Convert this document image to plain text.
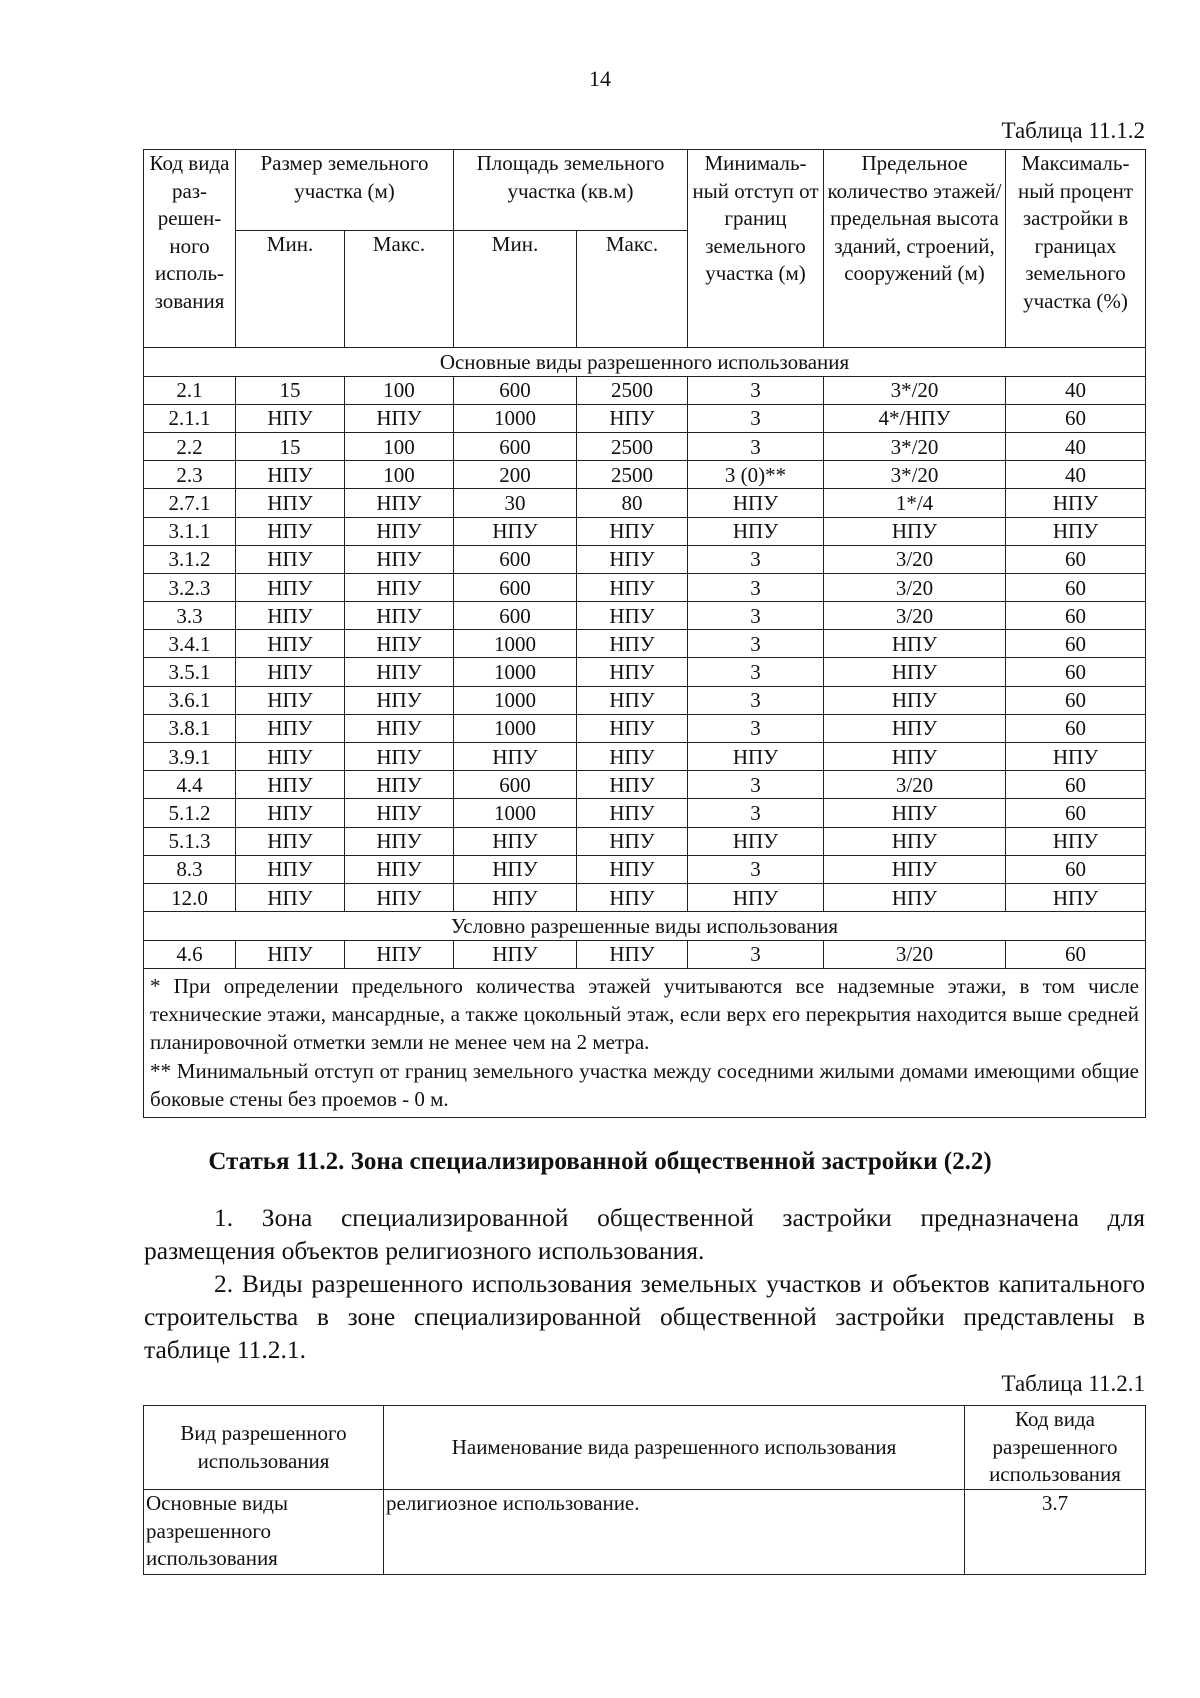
14
Таблица 11.1.2
Код вида раз-решен-ного исполь-зования	Размер земельного участка (м)		Площадь земельного участка (кв.м)		Минималь-ный отступ от границ земельного участка (м)	Предельное количество этажей/ предельная высота зданий, строений, сооружений (м)	Максималь-ный процент застройки в границах земельного участка (%)
	Мин.	Макс.	Мин.	Макс.			
Основные виды разрешенного использования							
2.1	15	100	600	2500	3	3*/20	40
2.1.1	НПУ	НПУ	1000	НПУ	3	4*/НПУ	60
2.2	15	100	600	2500	3	3*/20	40
2.3	НПУ	100	200	2500	3 (0)**	3*/20	40
2.7.1	НПУ	НПУ	30	80	НПУ	1*/4	НПУ
3.1.1	НПУ	НПУ	НПУ	НПУ	НПУ	НПУ	НПУ
3.1.2	НПУ	НПУ	600	НПУ	3	3/20	60
3.2.3	НПУ	НПУ	600	НПУ	3	3/20	60
3.3	НПУ	НПУ	600	НПУ	3	3/20	60
3.4.1	НПУ	НПУ	1000	НПУ	3	НПУ	60
3.5.1	НПУ	НПУ	1000	НПУ	3	НПУ	60
3.6.1	НПУ	НПУ	1000	НПУ	3	НПУ	60
3.8.1	НПУ	НПУ	1000	НПУ	3	НПУ	60
3.9.1	НПУ	НПУ	НПУ	НПУ	НПУ	НПУ	НПУ
4.4	НПУ	НПУ	600	НПУ	3	3/20	60
5.1.2	НПУ	НПУ	1000	НПУ	3	НПУ	60
5.1.3	НПУ	НПУ	НПУ	НПУ	НПУ	НПУ	НПУ
8.3	НПУ	НПУ	НПУ	НПУ	3	НПУ	60
12.0	НПУ	НПУ	НПУ	НПУ	НПУ	НПУ	НПУ
Условно разрешенные виды использования							
4.6	НПУ	НПУ	НПУ	НПУ	3	3/20	60

* При определении предельного количества этажей учитываются все надземные этажи, в том числе технические этажи, мансардные, а также цокольный этаж, если верх его перекрытия находится выше средней планировочной отметки земли не менее чем на 2 метра.
** Минимальный отступ от границ земельного участка между соседними жилыми домами имеющими общие боковые стены без проемов - 0 м.							
Статья 11.2. Зона специализированной общественной застройки (2.2)
1. Зона специализированной общественной застройки предназначена для размещения объектов религиозного использования.
2. Виды разрешенного использования земельных участков и объектов капитального строительства в зоне специализированной общественной застройки представлены в таблице 11.2.1.
Таблица 11.2.1
Вид разрешенного использования	Наименование вида разрешенного использования	Код вида разрешенного использования
Основные виды разрешенного использования	религиозное использование.	3.7
